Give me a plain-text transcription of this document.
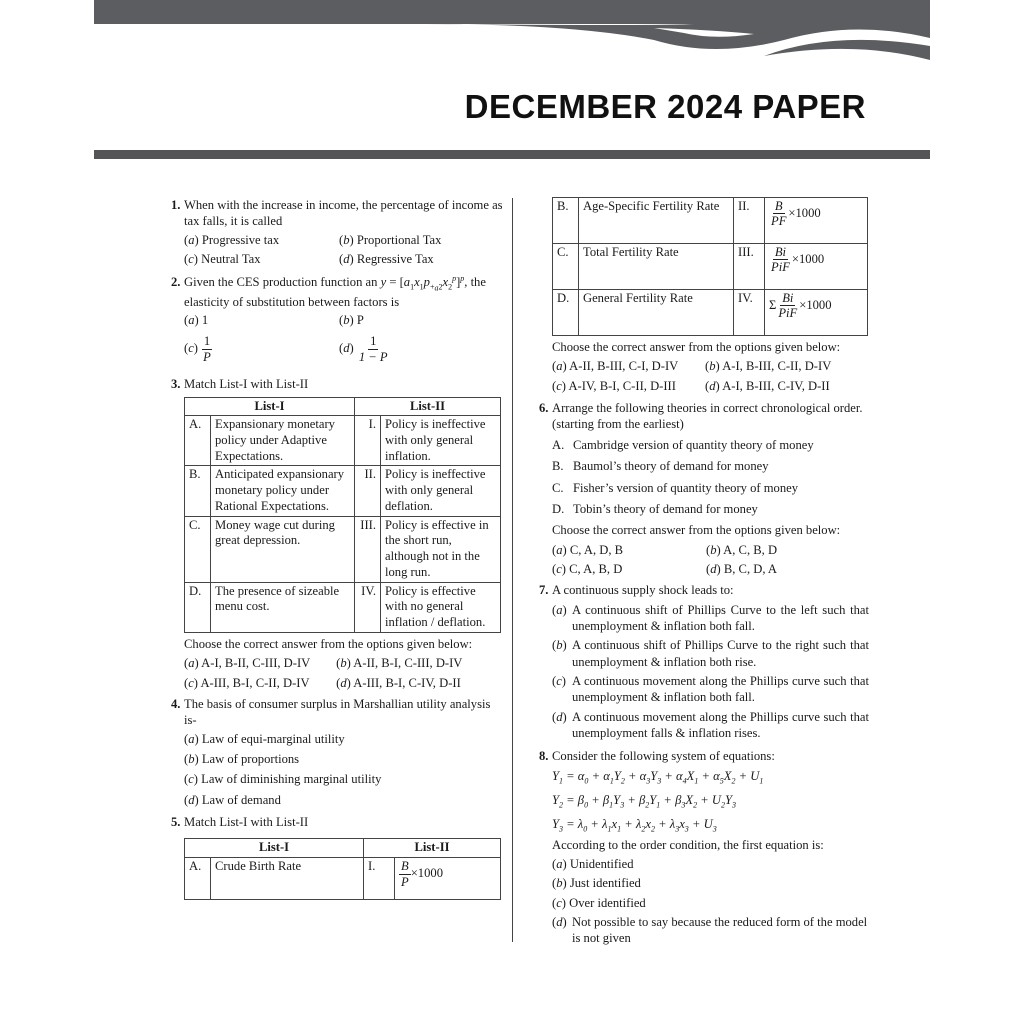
DECEMBER 2024 PAPER
1. When with the increase in income, the percentage of income as tax falls, it is called
(a) Progressive tax	(b) Proportional Tax
(c) Neutral Tax	(d) Regressive Tax
2. Given the CES production function an $y = [a_1x_1p_{+a2}x_2^p]^p$, the elasticity of substitution between factors is
(a) 1	(b) P
$(c) \frac{1}{P}$	$(d) \frac{1}{1 - P}$
3. Match List-I with List-II
List-I		List-II	
A.	Expansionary monetary policy under Adaptive Expectations.	I.	Policy is ineffective with only general inflation.
B.	Anticipated expansionary monetary policy under Rational Expectations.	II.	Policy is ineffective with only general deflation.
C.	Money wage cut during great depression.	III.	Policy is effective in the short run, although not in the long run.
D.	The presence of sizeable menu cost.	IV.	Policy is effective with no general inflation / deflation.
Choose the correct answer from the options given below:
(a) A-I, B-II, C-III, D-IV	(b) A-II, B-I, C-III, D-IV
(c) A-III, B-I, C-II, D-IV	(d) A-III, B-I, C-IV, D-II
4. The basis of consumer surplus in Marshallian utility analysis is-
(a) Law of equi-marginal utility
(b) Law of proportions
(c) Law of diminishing marginal utility
(d) Law of demand
5. Match List-I with List-II
List-I		List-II	
A.	Crude Birth Rate	I.	$\frac{B}{P} \times 1000$
B.	Age-Specific Fertility Rate	II.	$\frac{B}{PF} \times 1000$
C.	Total Fertility Rate	III.	$\frac{Bi}{\text{PiF}} \times 1000$
D.	General Fertility Rate	IV.	Σ $\frac{Bi}{\text{PiF}} \times 1000$
Choose the correct answer from the options given below:
(a) A-II, B-III, C-I, D-IV	(b) A-I, B-III, C-II, D-IV
(c) A-IV, B-I, C-II, D-III	(d) A-I, B-III, C-IV, D-II
6. Arrange the following theories in correct chronological order. (starting from the earliest)
A. Cambridge version of quantity theory of money
B. Baumol’s theory of demand for money
C. Fisher’s version of quantity theory of money
D. Tobin’s theory of demand for money
Choose the correct answer from the options given below:
(a) C, A, D, B	(b) A, C, B, D
(c) C, A, B, D	(d) B, C, D, A
7. A continuous supply shock leads to:
(a) A continuous shift of Phillips Curve to the left such that unemployment & inflation both fall.
(b) A continuous shift of Phillips Curve to the right such that unemployment & inflation both rise.
(c) A continuous movement along the Phillips curve such that unemployment & inflation both fall.
(d) A continuous movement along the Phillips curve such that unemployment falls & inflation rises.
8. Consider the following system of equations:
$Y_1 = \alpha_0 + \alpha_1Y_2 + \alpha_3Y_3 + \alpha_4X_1 + \alpha_5X_2 + U_1$
$Y_2 = \beta_0 + \beta_1Y_3 + \beta_2Y_1 + \beta_3X_2 + U_2Y_3$
$Y_3 = \lambda_0 + \lambda_1x_1 + \lambda_2x_2 + \lambda_3x_3 + U_3$
According to the order condition, the first equation is:
(a) Unidentified
(b) Just identified
(c) Over identified
(d) Not possible to say because the reduced form of the model is not given
